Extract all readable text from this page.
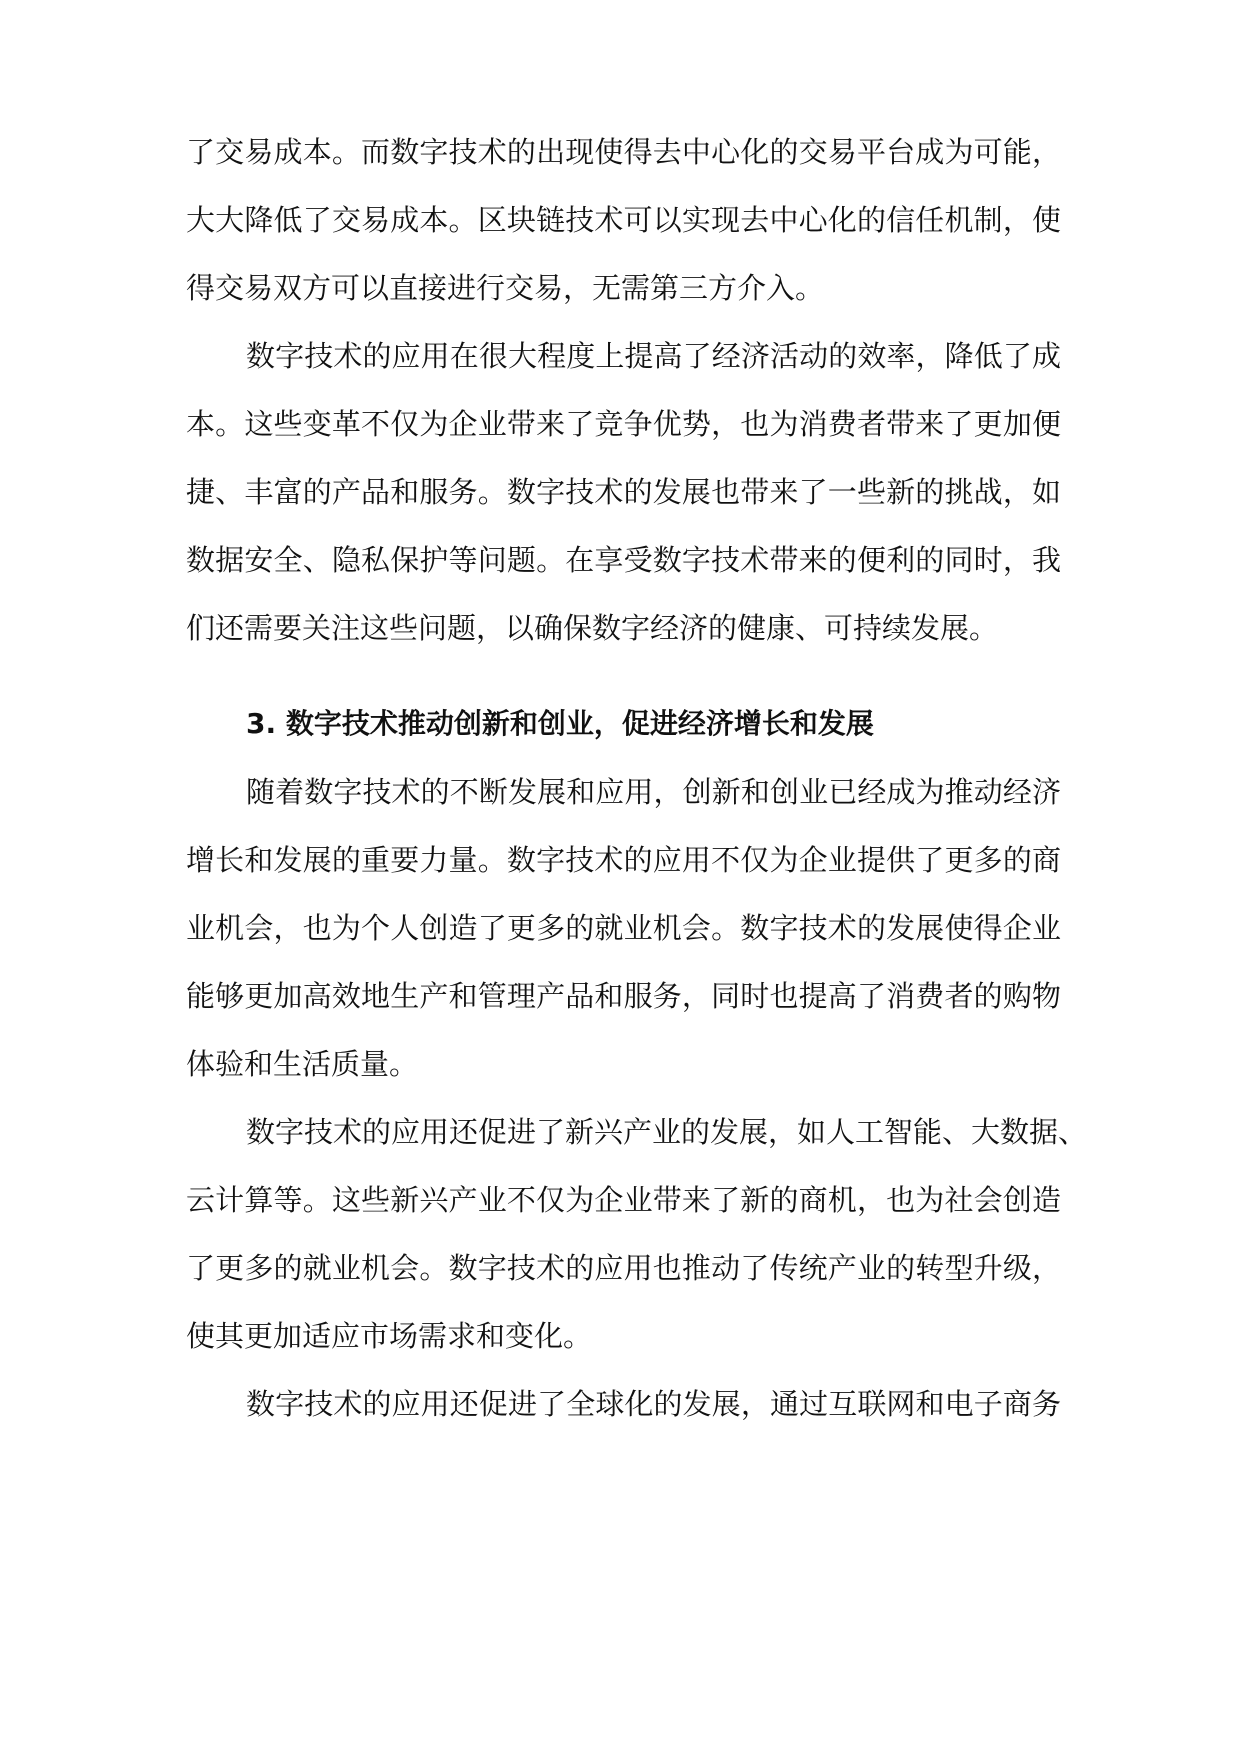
了交易成本。而数字技术的出现使得去中心化的交易平台成为可能，
大大降低了交易成本。区块链技术可以实现去中心化的信任机制，使
得交易双方可以直接进行交易，无需第三方介入。
数字技术的应用在很大程度上提高了经济活动的效率，降低了成
本。这些变革不仅为企业带来了竞争优势，也为消费者带来了更加便
捷、丰富的产品和服务。数字技术的发展也带来了一些新的挑战，如
数据安全、隐私保护等问题。在享受数字技术带来的便利的同时，我
们还需要关注这些问题，以确保数字经济的健康、可持续发展。
3. 数字技术推动创新和创业，促进经济增长和发展
随着数字技术的不断发展和应用，创新和创业已经成为推动经济
增长和发展的重要力量。数字技术的应用不仅为企业提供了更多的商
业机会，也为个人创造了更多的就业机会。数字技术的发展使得企业
能够更加高效地生产和管理产品和服务，同时也提高了消费者的购物
体验和生活质量。
数字技术的应用还促进了新兴产业的发展，如人工智能、大数据、
云计算等。这些新兴产业不仅为企业带来了新的商机，也为社会创造
了更多的就业机会。数字技术的应用也推动了传统产业的转型升级，
使其更加适应市场需求和变化。
数字技术的应用还促进了全球化的发展，通过互联网和电子商务
